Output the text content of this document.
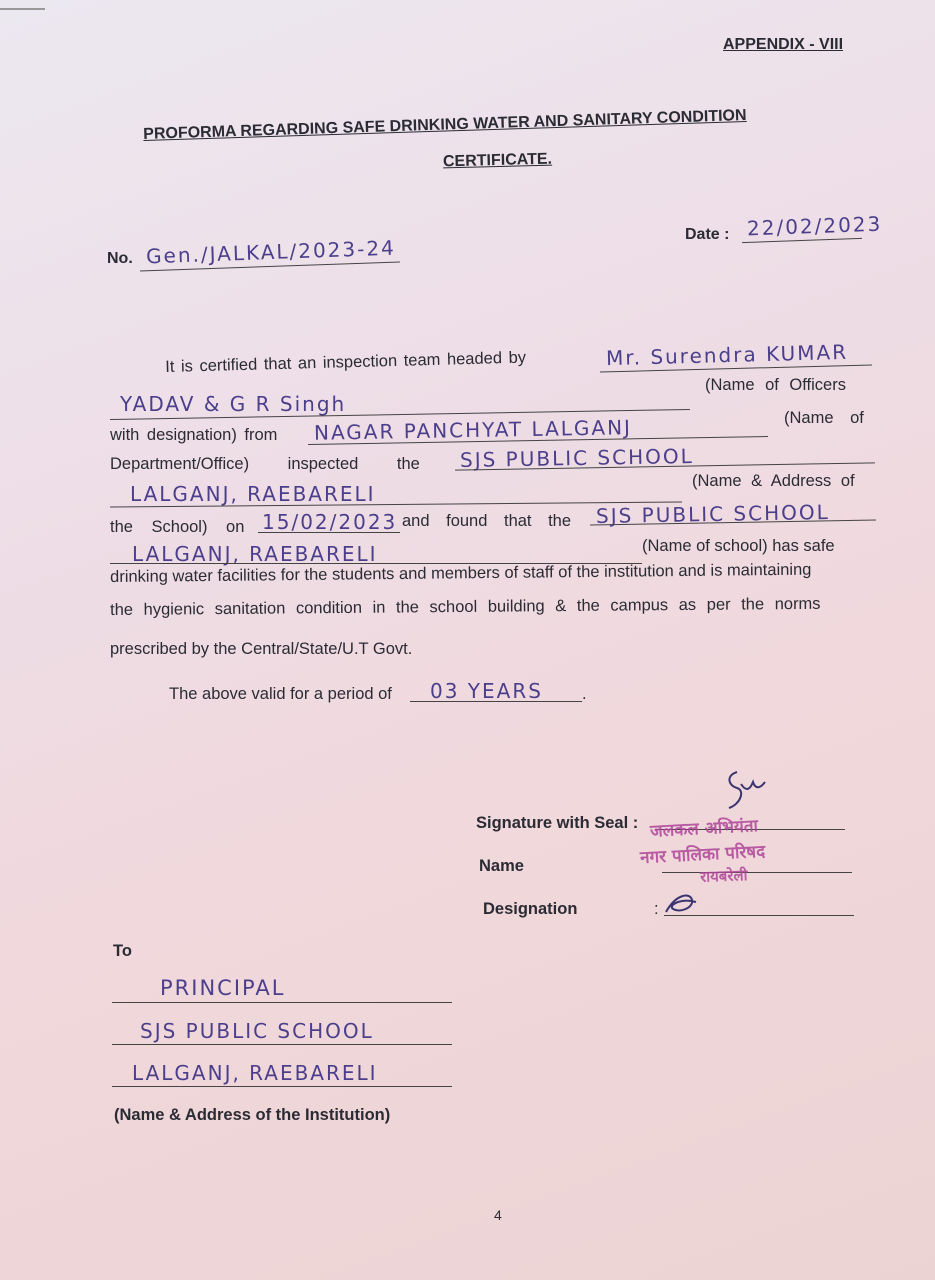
APPENDIX - VIII
PROFORMA REGARDING SAFE DRINKING WATER AND SANITARY CONDITION
CERTIFICATE.
No. Gen./JALKAL/2023-24
Date : 22/02/2023
It is certified that an inspection team headed by	Mr. Surendra KUMAR
YADAV & G R Singh
(Name of Officers
with designation) from NAGAR PANCHYAT LALGANJ	(Name of
Department/Office) inspected the SJS PUBLIC SCHOOL
LALGANJ, RAEBARELI
(Name & Address of
the School) on 15/02/2023 and found that the SJS PUBLIC SCHOOL
LALGANJ, RAEBARELI	(Name of school) has safe
drinking water facilities for the students and members of staff of the institution and is maintaining
the hygienic sanitation condition in the school building & the campus as per the norms
prescribed by the Central/State/U.T Govt.
The above valid for a period of 03 YEARS .
Signature with Seal :
Name
जलकल अभियंता
नगर पालिका परिषद
रायबरेली
Designation	:
To
PRINCIPAL
SJS PUBLIC SCHOOL
LALGANJ, RAEBARELI
(Name & Address of the Institution)
4
